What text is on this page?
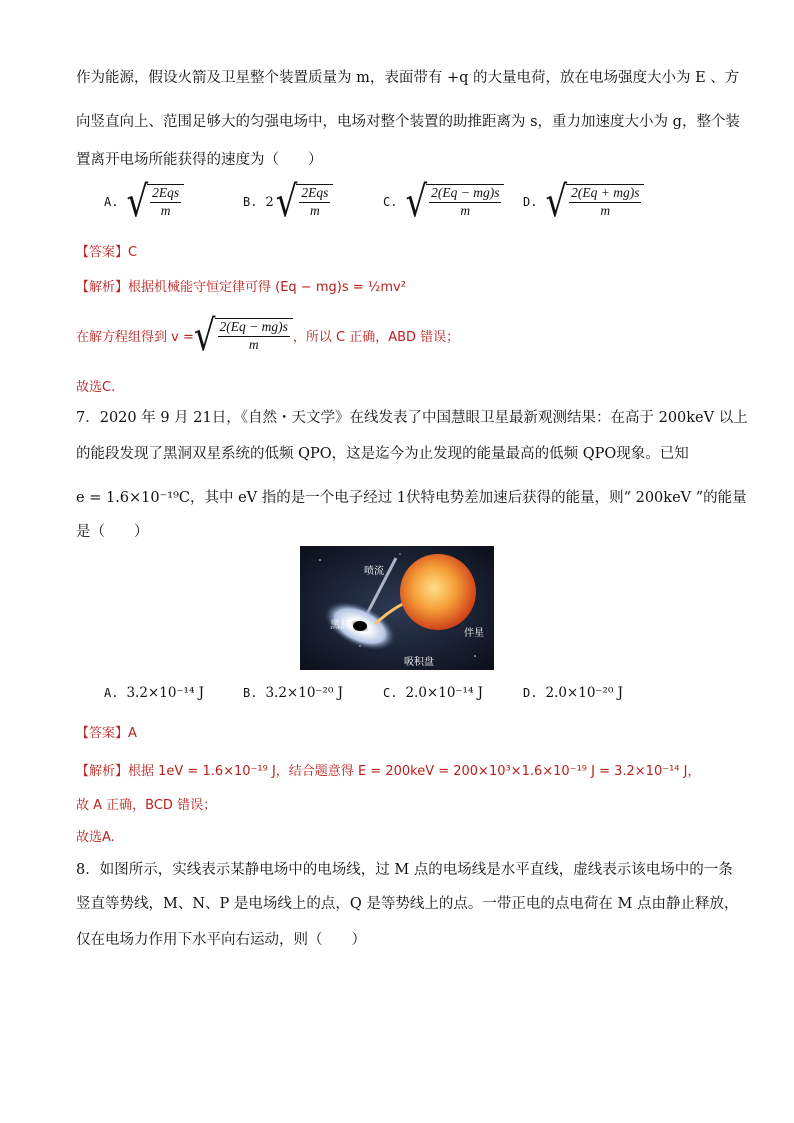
作为能源，假设火箭及卫星整个装置质量为 m，表面带有 +q 的大量电荷，放在电场强度大小为 E 、方
向竖直向上、范围足够大的匀强电场中，电场对整个装置的助推距离为 s，重力加速度大小为 g，整个装
置离开电场所能获得的速度为（　　）
A. √ $\frac{\text{2Eqs}}{m}$	B. 2 √ $\frac{\text{2Eqs}}{m}$	C. √ $\frac{2(Eq - mg)s}{m} D$. √ $\frac{2(Eq + mg)s}{m}$
【答案】C
【解析】根据机械能守恒定律可得 (Eq − mg)s = ½mv²
在解方程组得到 v = √ $\frac{2(Eq - mg)s}{m}$ ，所以 C 正确，ABD 错误；
故选C.
7．2020 年 9 月 21日，《自然・天文学》在线发表了中国慧眼卫星最新观测结果：在高于 200keV 以上
的能段发现了黑洞双星系统的低频 QPO，这是迄今为止发现的能量最高的低频 QPO现象。已知
e = 1.6×10⁻¹⁹C，其中 eV 指的是一个电子经过 1伏特电势差加速后获得的能量，则“ 200keV ”的能量
是（　　）
喷流
黑洞
伴星
吸积盘
A. 3.2×10⁻¹⁴ J	B. 3.2×10⁻²⁰ J	C. 2.0×10⁻¹⁴ J	D. 2.0×10⁻²⁰ J
【答案】A
【解析】根据 1eV = 1.6×10⁻¹⁹ J，结合题意得 E = 200keV = 200×10³×1.6×10⁻¹⁹ J = 3.2×10⁻¹⁴ J，
故 A 正确，BCD 错误；
故选A.
8．如图所示，实线表示某静电场中的电场线，过 M 点的电场线是水平直线，虚线表示该电场中的一条
竖直等势线，M、N、P 是电场线上的点，Q 是等势线上的点。一带正电的点电荷在 M 点由静止释放，
仅在电场力作用下水平向右运动，则（　　）
